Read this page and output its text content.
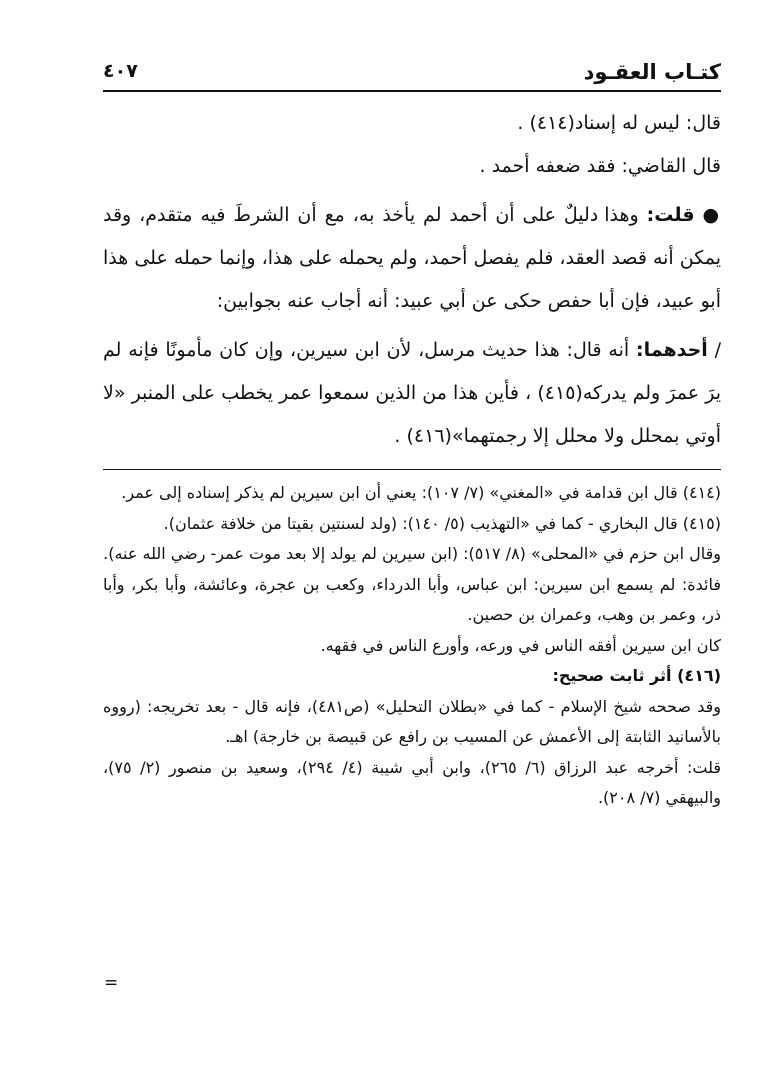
كتـاب العقـود
٤٠٧

قال: ليس له إسناد(٤١٤) .

قال القاضي: فقد ضعفه أحمد .

● قلت: وهذا دليلٌ على أن أحمد لم يأخذ به، مع أن الشرطَ فيه متقدم، وقد يمكن أنه قصد العقد، فلم يفصل أحمد، ولم يحمله على هذا، وإنما حمله على هذا أبو عبيد، فإن أبا حفص حكى عن أبي عبيد: أنه أجاب عنه بجوابين:

/ أحدهما: أنه قال: هذا حديث مرسل، لأن ابن سيرين، وإن كان مأمونًا فإنه لم يرَ عمرَ ولم يدركه(٤١٥) ، فأين هذا من الذين سمعوا عمر يخطب على المنبر «لا أوتي بمحلل ولا محلل إلا رجمتهما»(٤١٦) .

(٤١٤) قال ابن قدامة في «المغني» (٧/ ١٠٧): يعني أن ابن سيرين لم يذكر إسناده إلى عمر.

(٤١٥) قال البخاري - كما في «التهذيب (٥/ ١٤٠): (ولد لسنتين بقيتا من خلافة عثمان).

وقال ابن حزم في «المحلى» (٨/ ٥١٧): (ابن سيرين لم يولد إلا بعد موت عمر- رضي الله عنه).

فائدة: لم يسمع ابن سيرين: ابن عباس، وأبا الدرداء، وكعب بن عجرة، وعائشة، وأبا بكر، وأبا ذر، وعمر بن وهب، وعمران بن حصين.

كان ابن سيرين أفقه الناس في ورعه، وأورع الناس في فقهه.

(٤١٦) أثر ثابت صحيح:

وقد صححه شيخ الإسلام - كما في «بطلان التحليل» (ص٤٨١)، فإنه قال - بعد تخريجه: (رووه بالأسانيد الثابتة إلى الأعمش عن المسيب بن رافع عن قبيصة بن خارجة) اهـ.

قلت: أخرجه عبد الرزاق (٦/ ٢٦٥)، وابن أبي شيبة (٤/ ٢٩٤)، وسعيد بن منصور (٢/ ٧٥)، والبيهقي (٧/ ٢٠٨).

=
